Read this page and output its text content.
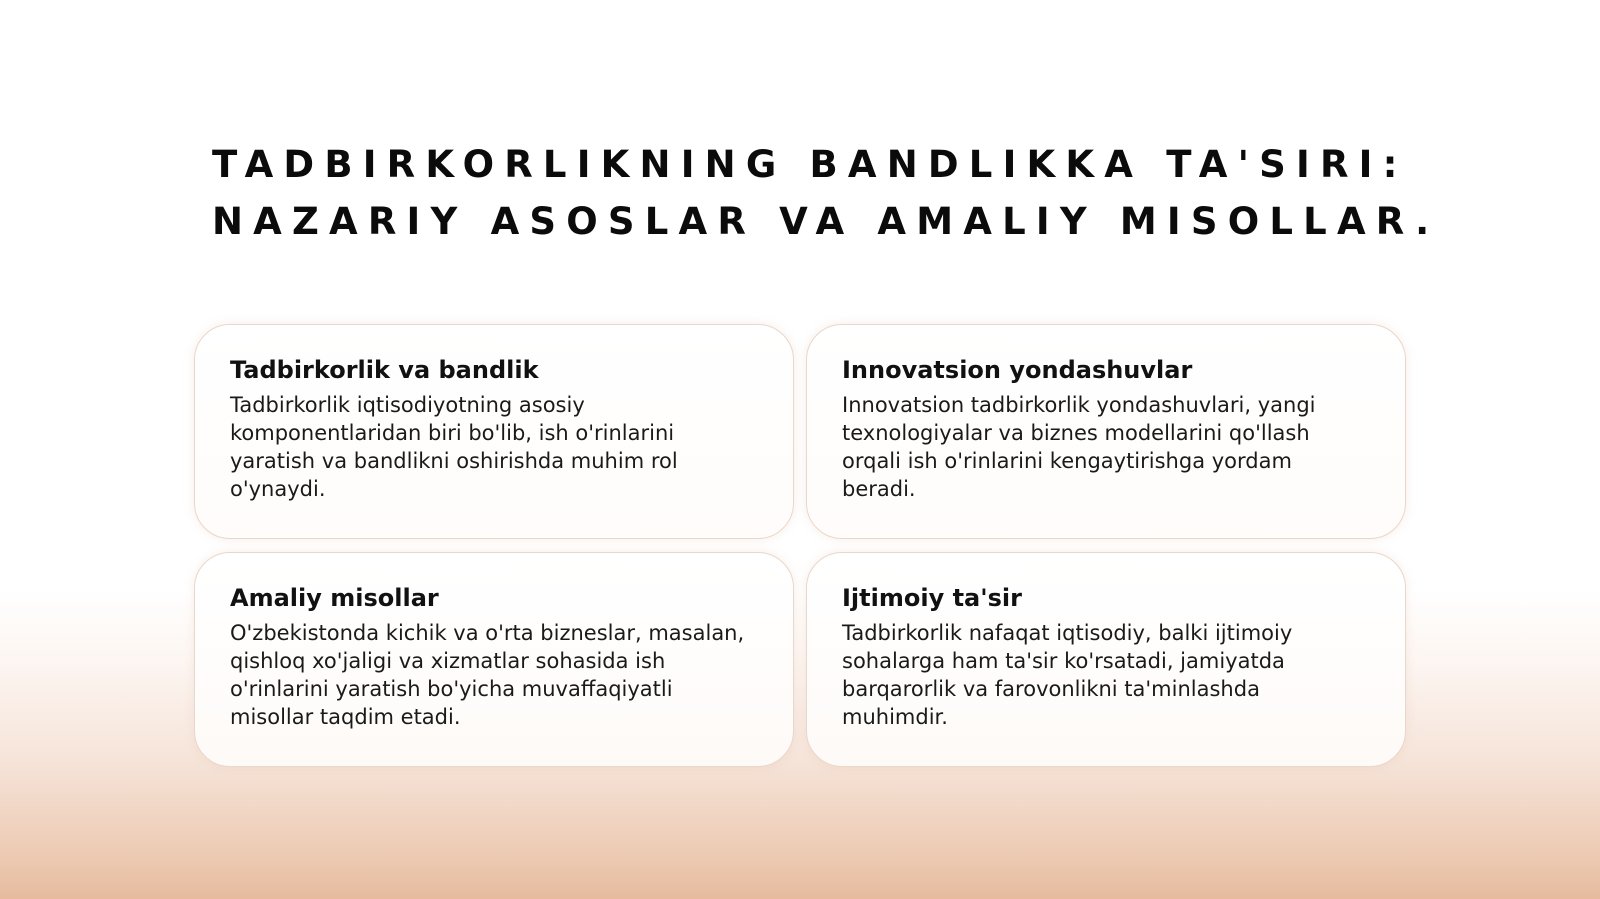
TADBIRKORLIKNING BANDLIKKA TA'SIRI:
NAZARIY ASOSLAR VA AMALIY MISOLLAR.
Tadbirkorlik va bandlik

Tadbirkorlik iqtisodiyotning asosiy
komponentlaridan biri bo'lib, ish o'rinlarini
yaratish va bandlikni oshirishda muhim rol
o'ynaydi.

Innovatsion yondashuvlar

Innovatsion tadbirkorlik yondashuvlari, yangi
texnologiyalar va biznes modellarini qo'llash
orqali ish o'rinlarini kengaytirishga yordam
beradi.

Amaliy misollar

O'zbekistonda kichik va o'rta bizneslar, masalan,
qishloq xo'jaligi va xizmatlar sohasida ish
o'rinlarini yaratish bo'yicha muvaffaqiyatli
misollar taqdim etadi.

Ijtimoiy ta'sir

Tadbirkorlik nafaqat iqtisodiy, balki ijtimoiy
sohalarga ham ta'sir ko'rsatadi, jamiyatda
barqarorlik va farovonlikni ta'minlashda
muhimdir.
